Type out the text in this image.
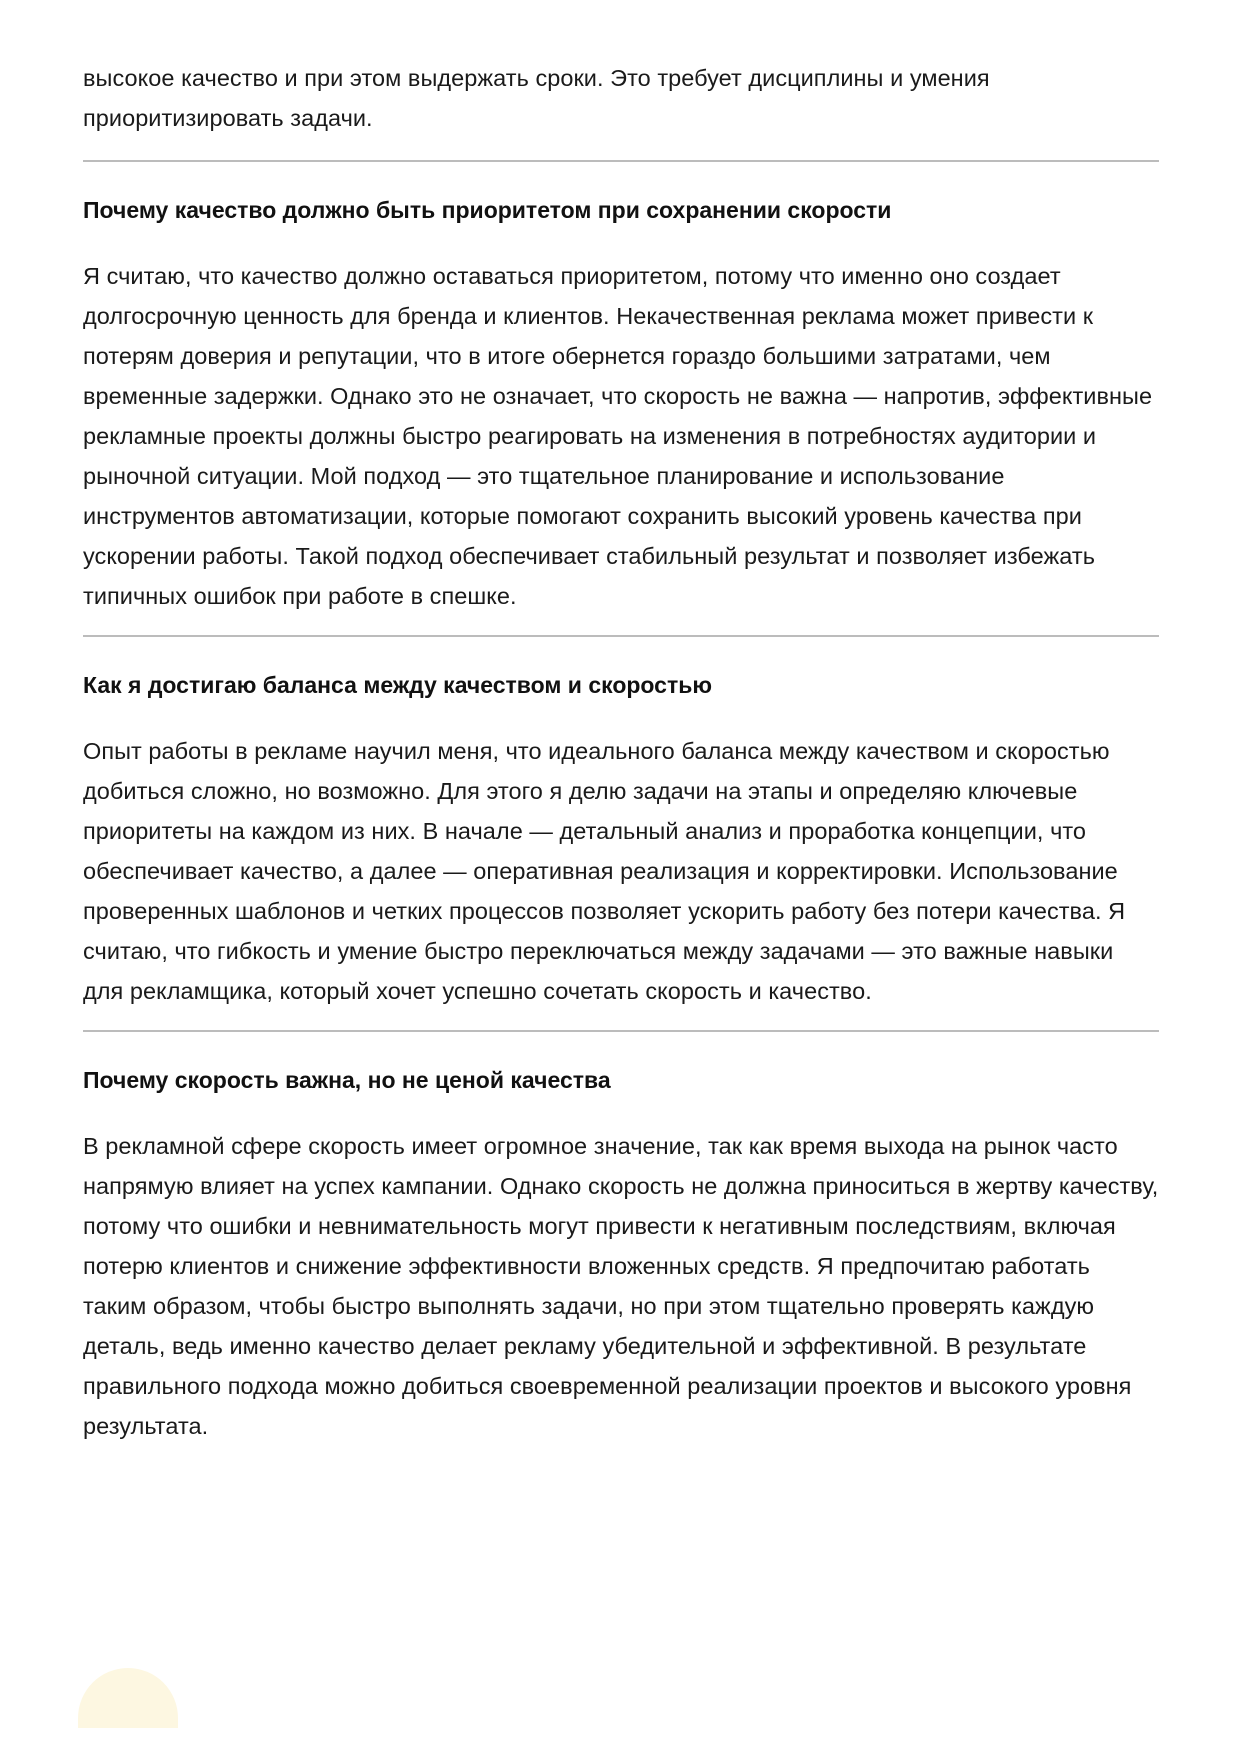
высокое качество и при этом выдержать сроки. Это требует дисциплины и умения приоритизировать задачи.

Почему качество должно быть приоритетом при сохранении скорости

Я считаю, что качество должно оставаться приоритетом, потому что именно оно создает долгосрочную ценность для бренда и клиентов. Некачественная реклама может привести к потерям доверия и репутации, что в итоге обернется гораздо большими затратами, чем временные задержки. Однако это не означает, что скорость не важна — напротив, эффективные рекламные проекты должны быстро реагировать на изменения в потребностях аудитории и рыночной ситуации. Мой подход — это тщательное планирование и использование инструментов автоматизации, которые помогают сохранить высокий уровень качества при ускорении работы. Такой подход обеспечивает стабильный результат и позволяет избежать типичных ошибок при работе в спешке.

Как я достигаю баланса между качеством и скоростью

Опыт работы в рекламе научил меня, что идеального баланса между качеством и скоростью добиться сложно, но возможно. Для этого я делю задачи на этапы и определяю ключевые приоритеты на каждом из них. В начале — детальный анализ и проработка концепции, что обеспечивает качество, а далее — оперативная реализация и корректировки. Использование проверенных шаблонов и четких процессов позволяет ускорить работу без потери качества. Я считаю, что гибкость и умение быстро переключаться между задачами — это важные навыки для рекламщика, который хочет успешно сочетать скорость и качество.

Почему скорость важна, но не ценой качества

В рекламной сфере скорость имеет огромное значение, так как время выхода на рынок часто напрямую влияет на успех кампании. Однако скорость не должна приноситься в жертву качеству, потому что ошибки и невнимательность могут привести к негативным последствиям, включая потерю клиентов и снижение эффективности вложенных средств. Я предпочитаю работать таким образом, чтобы быстро выполнять задачи, но при этом тщательно проверять каждую деталь, ведь именно качество делает рекламу убедительной и эффективной. В результате правильного подхода можно добиться своевременной реализации проектов и высокого уровня результата.
